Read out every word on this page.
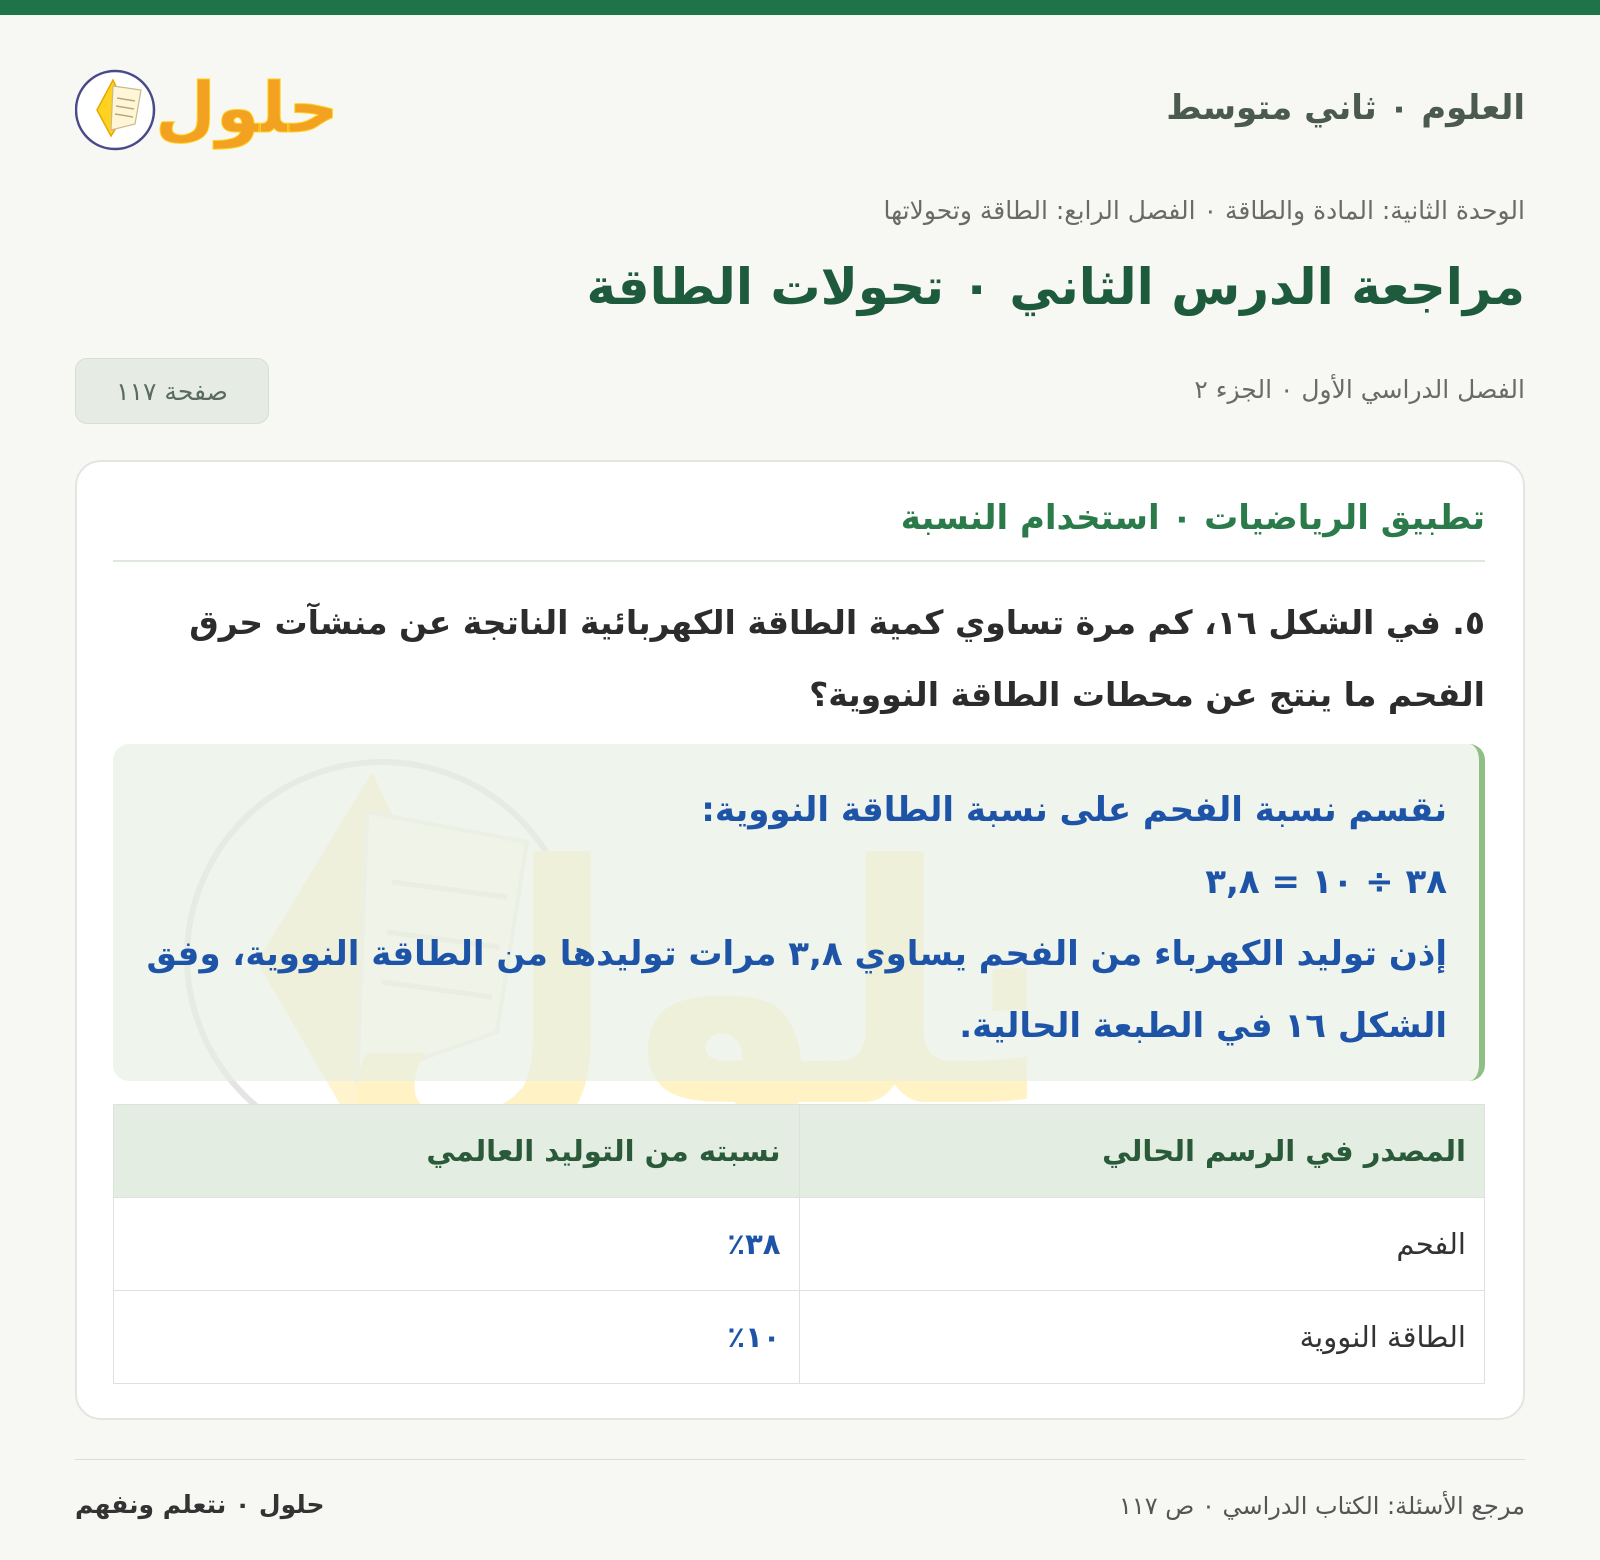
العلوم ٠ ثاني متوسط
حلول
الوحدة الثانية: المادة والطاقة ٠ الفصل الرابع: الطاقة وتحولاتها
مراجعة الدرس الثاني ٠ تحولات الطاقة
الفصل الدراسي الأول ٠ الجزء ٢
صفحة ١١٧
تطبيق الرياضيات ٠ استخدام النسبة

٥. في الشكل ١٦، كم مرة تساوي كمية الطاقة الكهربائية الناتجة عن منشآت حرق الفحم ما ينتج عن محطات الطاقة النووية؟

نقسم نسبة الفحم على نسبة الطاقة النووية:

٣٨ ÷ ١٠ = ٣,٨

إذن توليد الكهرباء من الفحم يساوي ٣,٨ مرات توليدها من الطاقة النووية، وفق الشكل ١٦ في الطبعة الحالية.

المصدر في الرسم الحالي	نسبته من التوليد العالمي
الفحم	٣٨٪
الطاقة النووية	١٠٪
مرجع الأسئلة: الكتاب الدراسي ٠ ص ١١٧
حلول ٠ نتعلم ونفهم
